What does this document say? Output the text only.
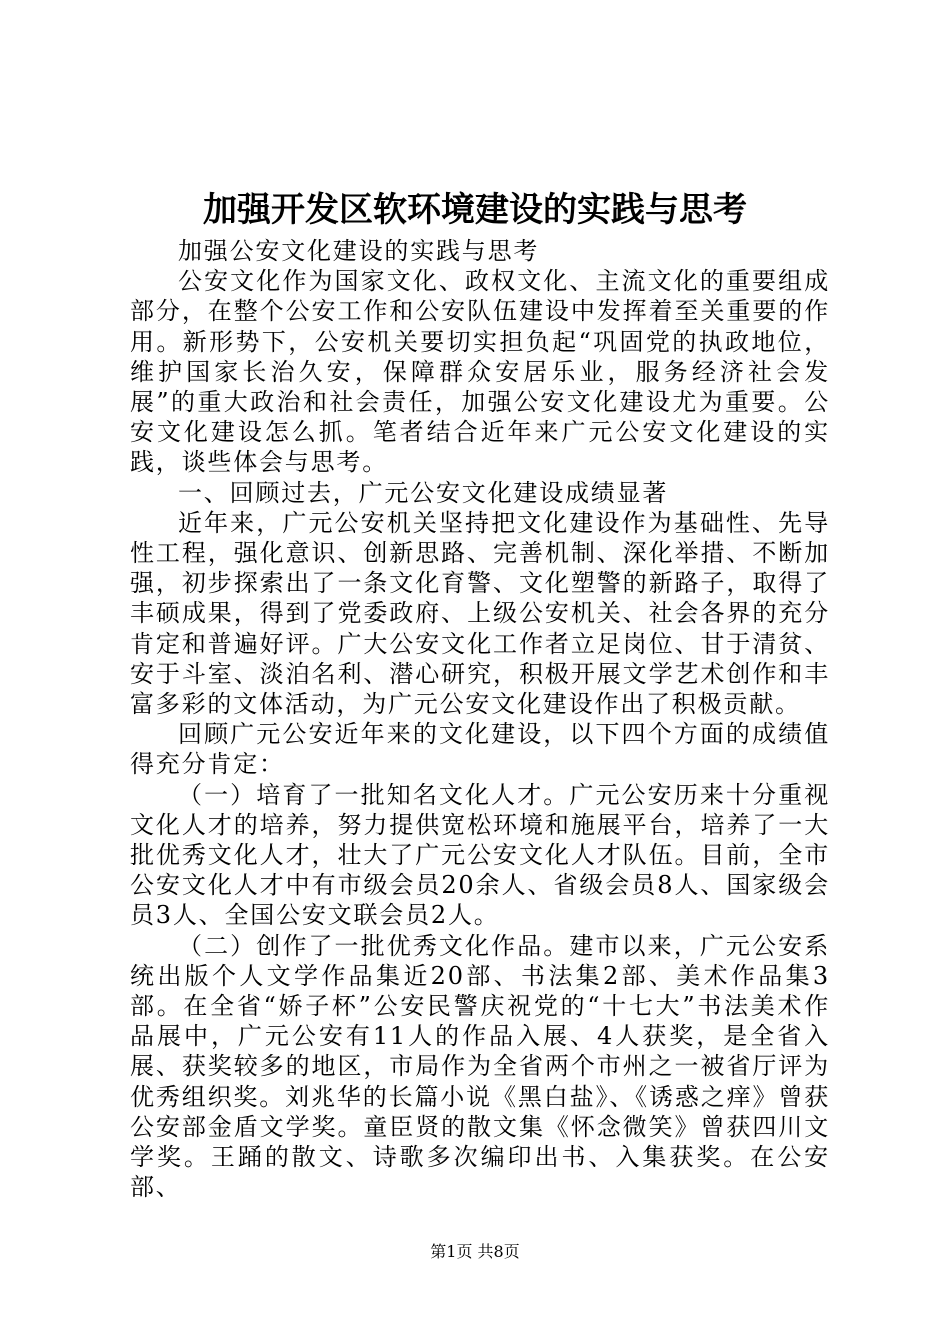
加强开发区软环境建设的实践与思考

加强公安文化建设的实践与思考

公安文化作为国家文化、政权文化、主流文化的重要组成部分，在整个公安工作和公安队伍建设中发挥着至关重要的作用。新形势下，公安机关要切实担负起“巩固党的执政地位，维护国家长治久安，保障群众安居乐业，服务经济社会发展”的重大政治和社会责任，加强公安文化建设尤为重要。公安文化建设怎么抓。笔者结合近年来广元公安文化建设的实践，谈些体会与思考。

一、回顾过去，广元公安文化建设成绩显著

近年来，广元公安机关坚持把文化建设作为基础性、先导性工程，强化意识、创新思路、完善机制、深化举措、不断加强，初步探索出了一条文化育警、文化塑警的新路子，取得了丰硕成果，得到了党委政府、上级公安机关、社会各界的充分肯定和普遍好评。广大公安文化工作者立足岗位、甘于清贫、安于斗室、淡泊名利、潜心研究，积极开展文学艺术创作和丰富多彩的文体活动，为广元公安文化建设作出了积极贡献。

回顾广元公安近年来的文化建设，以下四个方面的成绩值得充分肯定：

（一）培育了一批知名文化人才。广元公安历来十分重视文化人才的培养，努力提供宽松环境和施展平台，培养了一大批优秀文化人才，壮大了广元公安文化人才队伍。目前，全市公安文化人才中有市级会员20余人、省级会员8人、国家级会员3人、全国公安文联会员2人。

（二）创作了一批优秀文化作品。建市以来，广元公安系统出版个人文学作品集近20部、书法集2部、美术作品集3部。在全省“娇子杯”公安民警庆祝党的“十七大”书法美术作品展中，广元公安有11人的作品入展、4人获奖，是全省入展、获奖较多的地区，市局作为全省两个市州之一被省厅评为优秀组织奖。刘兆华的长篇小说《黑白盐》、《诱惑之痒》曾获公安部金盾文学奖。童臣贤的散文集《怀念微笑》曾获四川文学奖。王踊的散文、诗歌多次编印出书、入集获奖。在公安部、

第1页 共8页
